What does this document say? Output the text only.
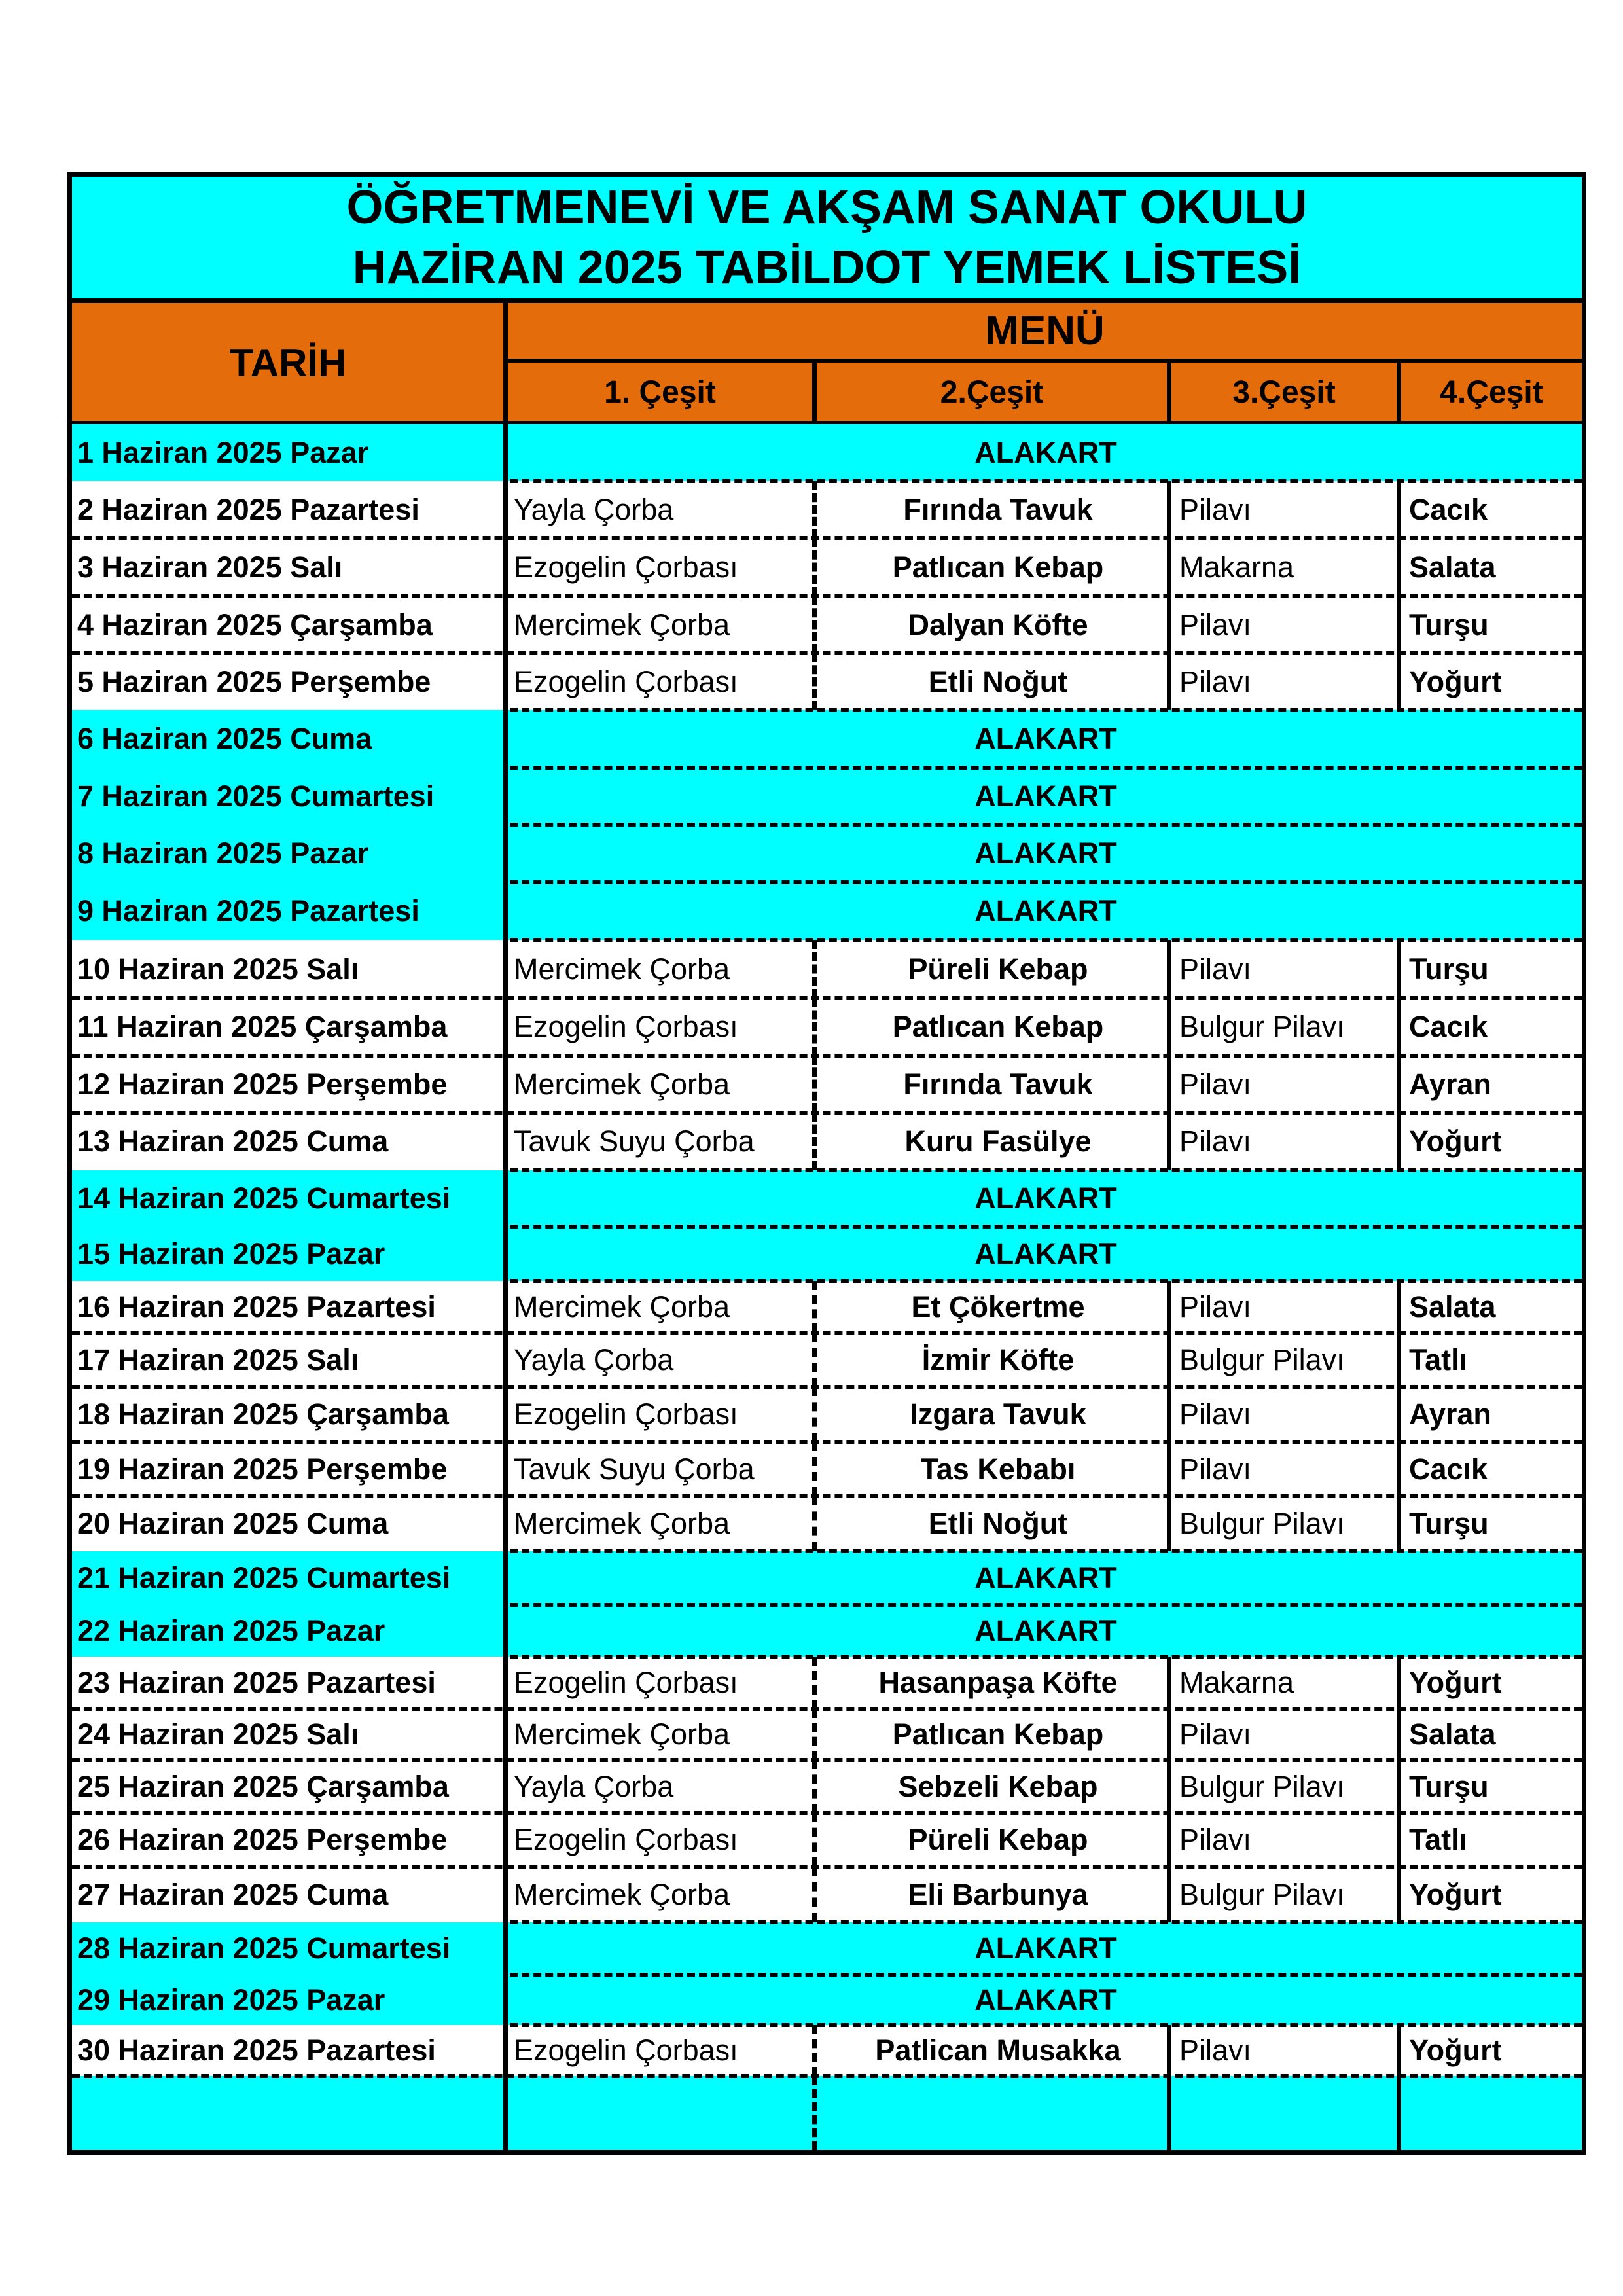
ÖĞRETMENEVİ VE AKŞAM SANAT OKULU
HAZİRAN 2025 TABİLDOT YEMEK LİSTESİ
TARİH
MENÜ
1. Çeşit	2.Çeşit	3.Çeşit	4.Çeşit
1 Haziran 2025 Pazar	ALAKART
2 Haziran 2025 Pazartesi	Yayla Çorba	Fırında Tavuk	Pilavı	Cacık
3 Haziran 2025 Salı	Ezogelin Çorbası	Patlıcan Kebap	Makarna	Salata
4 Haziran 2025 Çarşamba	Mercimek Çorba	Dalyan Köfte	Pilavı	Turşu
5 Haziran 2025 Perşembe	Ezogelin Çorbası	Etli Noğut	Pilavı	Yoğurt
6 Haziran 2025 Cuma	ALAKART
7 Haziran 2025 Cumartesi	ALAKART
8 Haziran 2025 Pazar	ALAKART
9 Haziran 2025 Pazartesi	ALAKART
10 Haziran 2025 Salı	Mercimek Çorba	Püreli Kebap	Pilavı	Turşu
11 Haziran 2025 Çarşamba	Ezogelin Çorbası	Patlıcan Kebap	Bulgur Pilavı	Cacık
12 Haziran 2025 Perşembe	Mercimek Çorba	Fırında Tavuk	Pilavı	Ayran
13 Haziran 2025 Cuma	Tavuk Suyu Çorba	Kuru Fasülye	Pilavı	Yoğurt
14 Haziran 2025 Cumartesi	ALAKART
15 Haziran 2025 Pazar	ALAKART
16 Haziran 2025 Pazartesi	Mercimek Çorba	Et Çökertme	Pilavı	Salata
17 Haziran 2025 Salı	Yayla Çorba	İzmir Köfte	Bulgur Pilavı	Tatlı
18 Haziran 2025 Çarşamba	Ezogelin Çorbası	Izgara Tavuk	Pilavı	Ayran
19 Haziran 2025 Perşembe	Tavuk Suyu Çorba	Tas Kebabı	Pilavı	Cacık
20 Haziran 2025 Cuma	Mercimek Çorba	Etli Noğut	Bulgur Pilavı	Turşu
21 Haziran 2025 Cumartesi	ALAKART
22 Haziran 2025 Pazar	ALAKART
23 Haziran 2025 Pazartesi	Ezogelin Çorbası	Hasanpaşa Köfte	Makarna	Yoğurt
24 Haziran 2025 Salı	Mercimek Çorba	Patlıcan Kebap	Pilavı	Salata
25 Haziran 2025 Çarşamba	Yayla Çorba	Sebzeli Kebap	Bulgur Pilavı	Turşu
26 Haziran 2025 Perşembe	Ezogelin Çorbası	Püreli Kebap	Pilavı	Tatlı
27 Haziran 2025 Cuma	Mercimek Çorba	Eli Barbunya	Bulgur Pilavı	Yoğurt
28 Haziran 2025 Cumartesi	ALAKART
29 Haziran 2025 Pazar	ALAKART
30 Haziran 2025 Pazartesi	Ezogelin Çorbası	Patlican Musakka	Pilavı	Yoğurt
